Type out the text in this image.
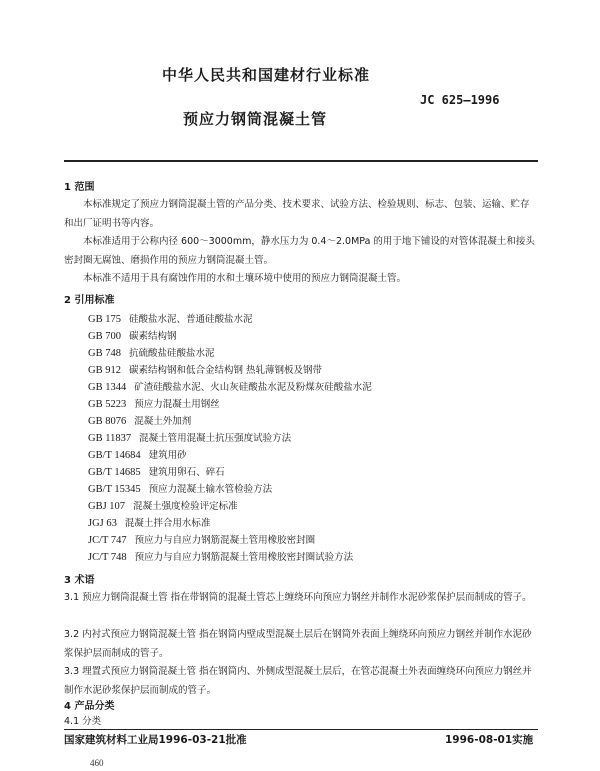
中华人民共和国建材行业标准
JC 625—1996
预应力钢筒混凝土管
1 范围
本标准规定了预应力钢筒混凝土管的产品分类、技术要求、试验方法、检验规则、标志、包装、运输、贮存和出厂证明书等内容。
本标准适用于公称内径 600～3000mm，静水压力为 0.4～2.0MPa 的用于地下铺设的对管体混凝土和接头密封圈无腐蚀、磨损作用的预应力钢筒混凝土管。
本标准不适用于具有腐蚀作用的水和土壤环境中使用的预应力钢筒混凝土管。
2 引用标准
GB 175 硅酸盐水泥、普通硅酸盐水泥
GB 700 碳素结构钢
GB 748 抗硫酸盐硅酸盐水泥
GB 912 碳素结构钢和低合金结构钢 热轧薄钢板及钢带
GB 1344 矿渣硅酸盐水泥、火山灰硅酸盐水泥及粉煤灰硅酸盐水泥
GB 5223 预应力混凝土用钢丝
GB 8076 混凝土外加剂
GB 11837 混凝土管用混凝土抗压强度试验方法
GB/T 14684 建筑用砂
GB/T 14685 建筑用卵石、碎石
GB/T 15345 预应力混凝土输水管检验方法
GBJ 107 混凝土强度检验评定标准
JGJ 63 混凝土拌合用水标准
JC/T 747 预应力与自应力钢筋混凝土管用橡胶密封圈
JC/T 748 预应力与自应力钢筋混凝土管用橡胶密封圈试验方法
3 术语
3.1 预应力钢筒混凝土管 指在带钢筒的混凝土管芯上缠绕环向预应力钢丝并制作水泥砂浆保护层而制成的管子。
3.2 内衬式预应力钢筒混凝土管 指在钢筒内壁成型混凝土层后在钢筒外表面上缠绕环向预应力钢丝并制作水泥砂浆保护层而制成的管子。
3.3 埋置式预应力钢筒混凝土管 指在钢筒内、外侧成型混凝土层后，在管芯混凝土外表面缠绕环向预应力钢丝并制作水泥砂浆保护层而制成的管子。
4 产品分类
4.1 分类
国家建筑材料工业局1996-03-21批准	1996-08-01实施
460
